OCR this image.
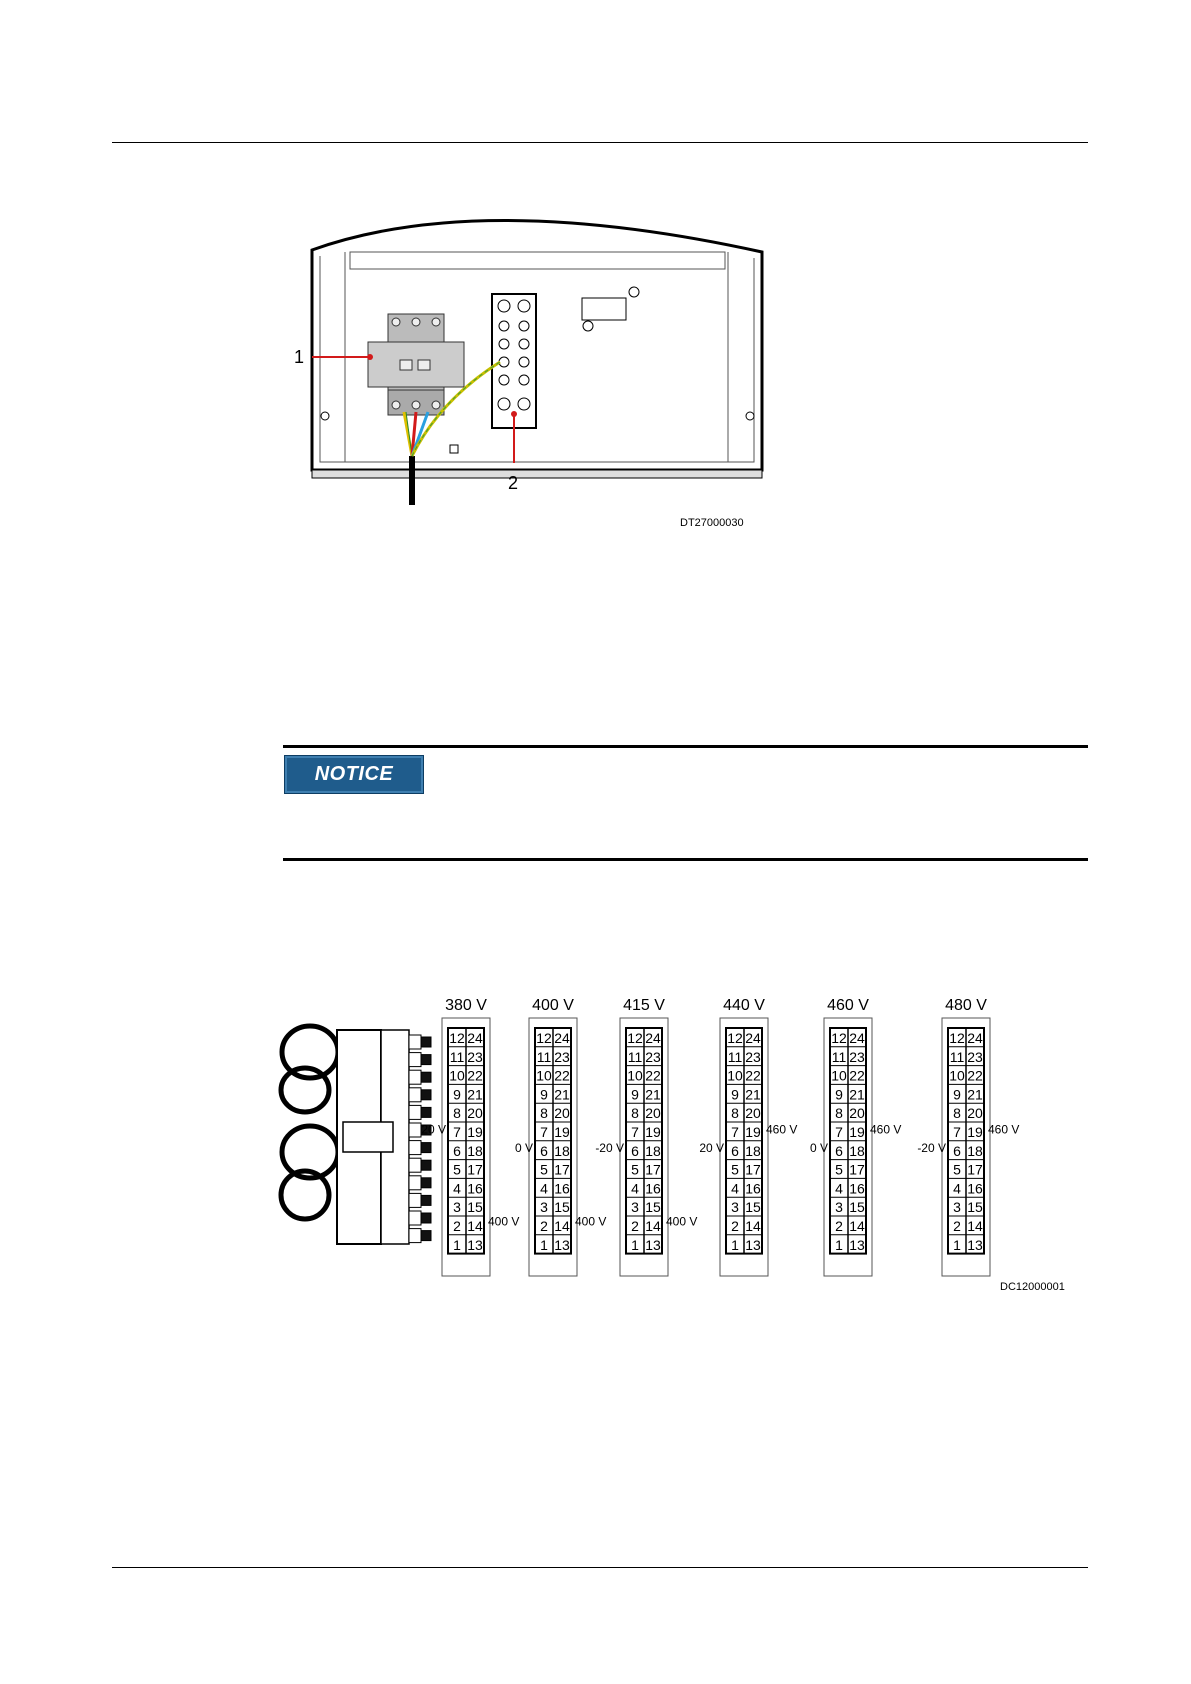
1
2
DT27000030
NOTICE
380 V
12 24
11 23
10 22
9 21
8 20
7 19
6 18
5 17
4 16
3 15
2 14
1 13
20 V
400 V
400 V
12 24
11 23
10 22
9 21
8 20
7 19
6 18
5 17
4 16
3 15
2 14
1 13
0 V
400 V
415 V
12 24
11 23
10 22
9 21
8 20
7 19
6 18
5 17
4 16
3 15
2 14
1 13
-20 V
400 V
440 V
12 24
11 23
10 22
9 21
8 20
7 19
6 18
5 17
4 16
3 15
2 14
1 13
460 V
20 V
460 V
12 24
11 23
10 22
9 21
8 20
7 19
6 18
5 17
4 16
3 15
2 14
1 13
460 V
0 V
480 V
12 24
11 23
10 22
9 21
8 20
7 19
6 18
5 17
4 16
3 15
2 14
1 13
-20 V
460 V
DC12000001
